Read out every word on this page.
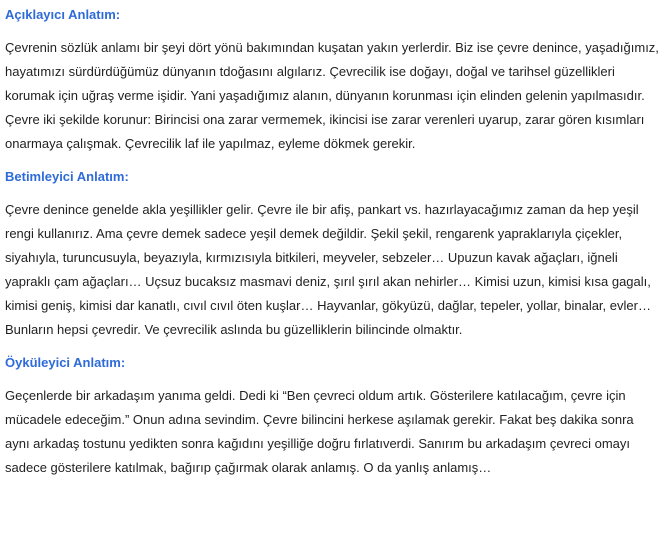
Açıklayıcı Anlatım:

Çevrenin sözlük anlamı bir şeyi dört yönü bakımından kuşatan yakın yerlerdir. Biz ise çevre denince, yaşadığımız, hayatımızı sürdürdüğümüz dünyanın tdoğasını algılarız. Çevrecilik ise doğayı, doğal ve tarihsel güzellikleri korumak için uğraş verme işidir. Yani yaşadığımız alanın, dünyanın korunması için elinden gelenin yapılmasıdır. Çevre iki şekilde korunur: Birincisi ona zarar vermemek, ikincisi ise zarar verenleri uyarup, zarar gören kısımları onarmaya çalışmak. Çevrecilik laf ile yapılmaz, eyleme dökmek gerekir.

Betimleyici Anlatım:

Çevre denince genelde akla yeşillikler gelir. Çevre ile bir afiş, pankart vs. hazırlayacağımız zaman da hep yeşil rengi kullanırız. Ama çevre demek sadece yeşil demek değildir. Şekil şekil, rengarenk yapraklarıyla çiçekler, siyahıyla, turuncusuyla, beyazıyla, kırmızısıyla bitkileri, meyveler, sebzeler… Upuzun kavak ağaçları, iğneli yapraklı çam ağaçları… Uçsuz bucaksız masmavi deniz, şırıl şırıl akan nehirler… Kimisi uzun, kimisi kısa gagalı, kimisi geniş, kimisi dar kanatlı, cıvıl cıvıl öten kuşlar… Hayvanlar, gökyüzü, dağlar, tepeler, yollar, binalar, evler… Bunların hepsi çevredir. Ve çevrecilik aslında bu güzelliklerin bilincinde olmaktır.

Öyküleyici Anlatım:

Geçenlerde bir arkadaşım yanıma geldi. Dedi ki “Ben çevreci oldum artık. Gösterilere katılacağım, çevre için mücadele edeceğim.” Onun adına sevindim. Çevre bilincini herkese aşılamak gerekir. Fakat beş dakika sonra aynı arkadaş tostunu yedikten sonra kağıdını yeşilliğe doğru fırlatıverdi. Sanırım bu arkadaşım çevreci omayı sadece gösterilere katılmak, bağırıp çağırmak olarak anlamış. O da yanlış anlamış…
